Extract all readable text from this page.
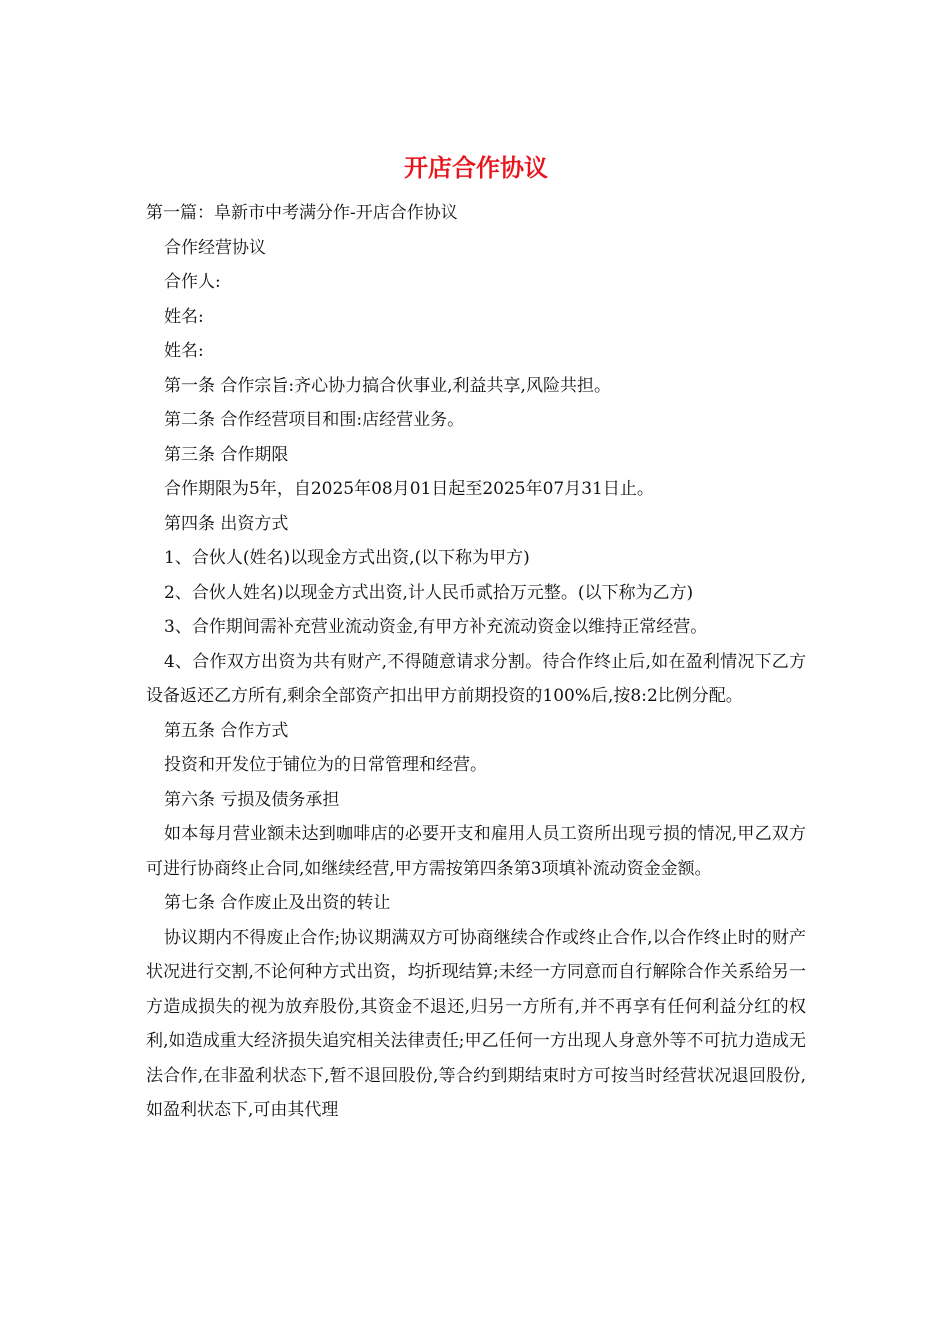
开店合作协议
第一篇：阜新市中考满分作-开店合作协议
合作经营协议
合作人:
姓名:
姓名:
第一条 合作宗旨:齐心协力搞合伙事业,利益共享,风险共担。
第二条 合作经营项目和围:店经营业务。
第三条 合作期限
合作期限为5年，自2025年08月01日起至2025年07月31日止。
第四条 出资方式
1、合伙人(姓名)以现金方式出资,(以下称为甲方)
2、合伙人姓名)以现金方式出资,计人民币贰拾万元整。(以下称为乙方)
3、合作期间需补充营业流动资金,有甲方补充流动资金以维持正常经营。

4、合作双方出资为共有财产,不得随意请求分割。待合作终止后,如在盈利情况下乙方设备返还乙方所有,剩余全部资产扣出甲方前期投资的100%后,按8:2比例分配。

第五条 合作方式
投资和开发位于铺位为的日常管理和经营。
第六条 亏损及债务承担

如本每月营业额未达到咖啡店的必要开支和雇用人员工资所出现亏损的情况,甲乙双方可进行协商终止合同,如继续经营,甲方需按第四条第3项填补流动资金金额。

第七条 合作废止及出资的转让

协议期内不得废止合作;协议期满双方可协商继续合作或终止合作,以合作终止时的财产状况进行交割,不论何种方式出资，均折现结算;未经一方同意而自行解除合作关系给另一方造成损失的视为放弃股份,其资金不退还,归另一方所有,并不再享有任何利益分红的权利,如造成重大经济损失追究相关法律责任;甲乙任何一方出现人身意外等不可抗力造成无法合作,在非盈利状态下,暂不退回股份,等合约到期结束时方可按当时经营状况退回股份,如盈利状态下,可由其代理
